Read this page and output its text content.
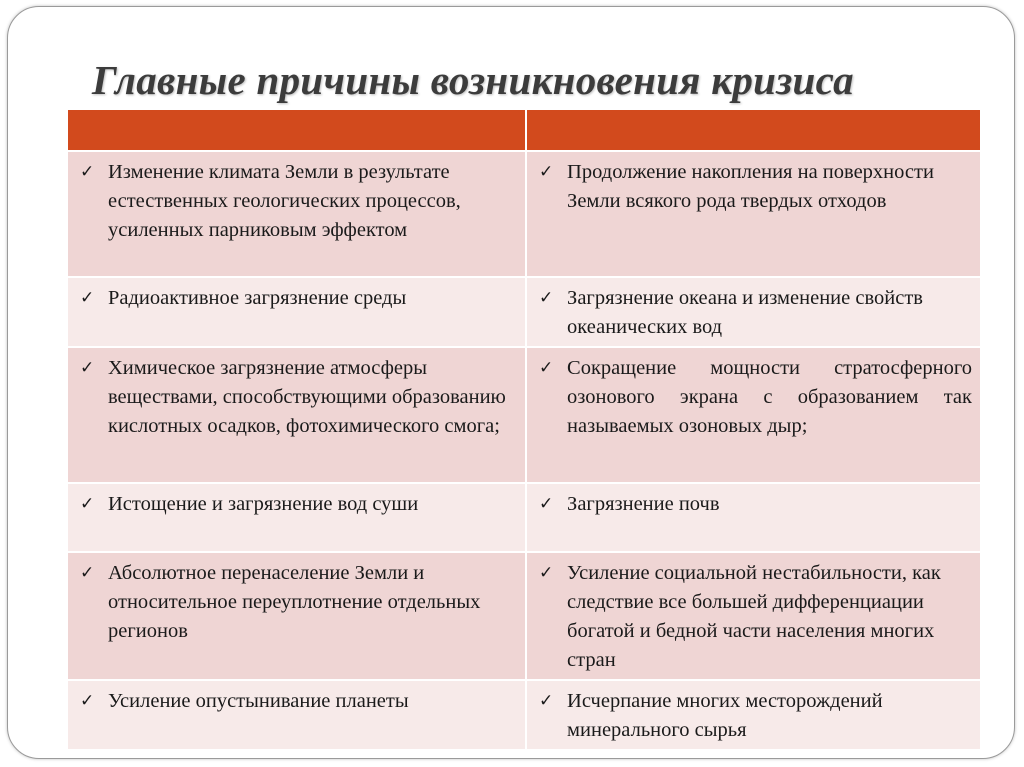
Главные причины возникновения кризиса

✓ Изменение климата Земли в результате естественных геологических процессов, усиленных парниковым эффектом	✓ Продолжение накопления на поверхности Земли всякого рода твердых отходов

✓ Радиоактивное загрязнение среды	✓ Загрязнение океана и изменение свойств океанических вод

✓ Химическое загрязнение атмосферы веществами, способствующими образованию кислотных осадков, фотохимического смога;	✓ Сокращение мощности стратосферного озонового экрана с образованием так называемых озоновых дыр;

✓ Истощение и загрязнение вод суши	✓ Загрязнение почв

✓ Абсолютное перенаселение Земли и относительное переуплотнение отдельных регионов	✓ Усиление социальной нестабильности, как следствие все большей дифференциации богатой и бедной части населения многих стран

✓ Усиление опустынивание планеты	✓ Исчерпание многих месторождений минерального сырья
